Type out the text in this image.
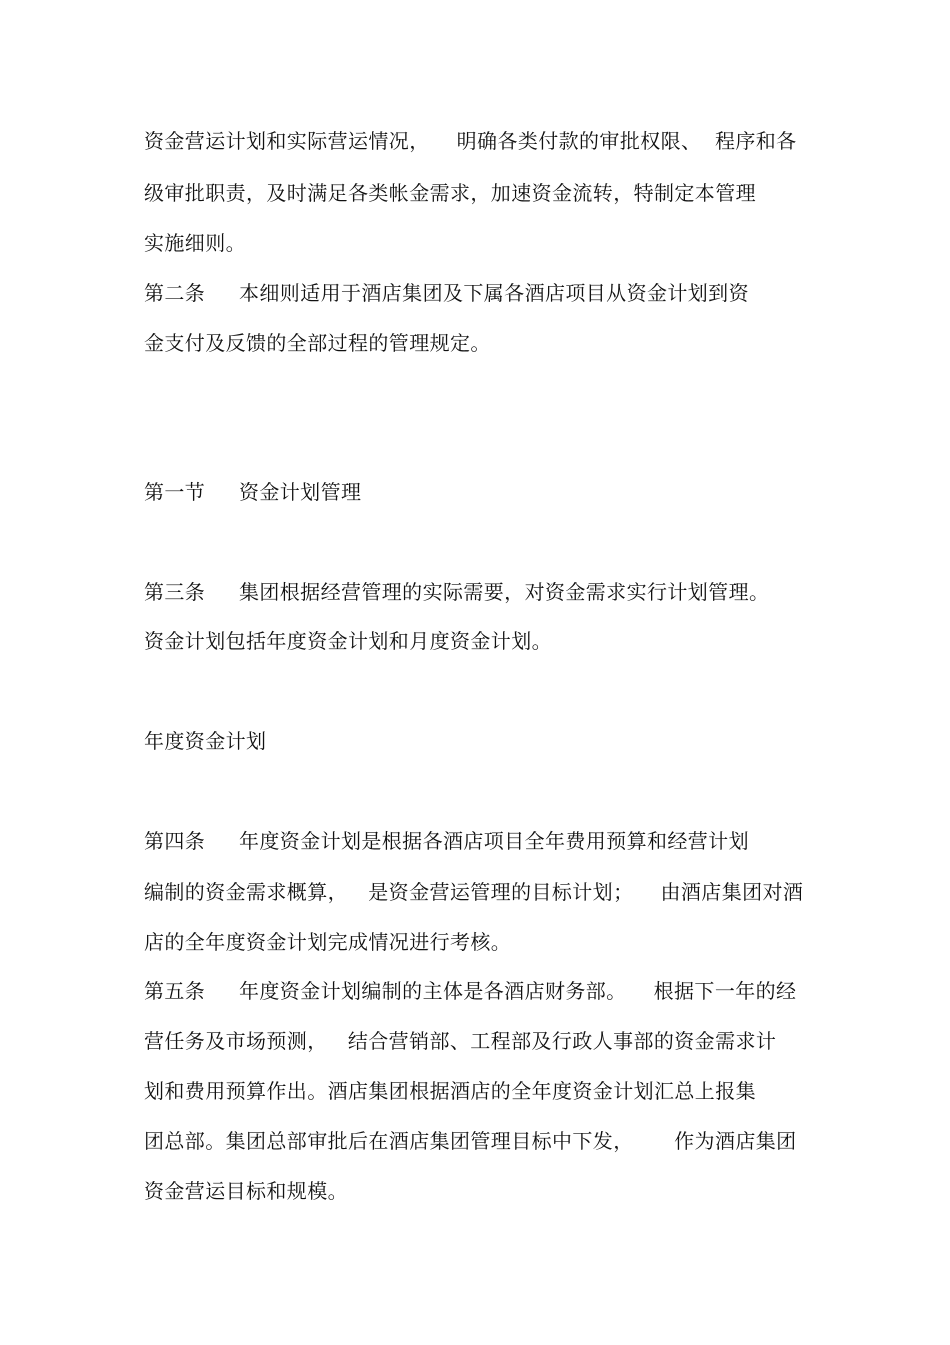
资金营运计划和实际营运情况，    明确各类付款的审批权限、  程序和各
级审批职责，及时满足各类帐金需求，加速资金流转，特制定本管理
实施细则。
第二条     本细则适用于酒店集团及下属各酒店项目从资金计划到资
金支付及反馈的全部过程的管理规定。
第一节     资金计划管理
第三条     集团根据经营管理的实际需要，对资金需求实行计划管理。
资金计划包括年度资金计划和月度资金计划。
年度资金计划
第四条     年度资金计划是根据各酒店项目全年费用预算和经营计划
编制的资金需求概算，   是资金营运管理的目标计划；    由酒店集团对酒
店的全年度资金计划完成情况进行考核。
第五条     年度资金计划编制的主体是各酒店财务部。    根据下一年的经
营任务及市场预测，   结合营销部、工程部及行政人事部的资金需求计
划和费用预算作出。酒店集团根据酒店的全年度资金计划汇总上报集
团总部。集团总部审批后在酒店集团管理目标中下发，      作为酒店集团
资金营运目标和规模。
